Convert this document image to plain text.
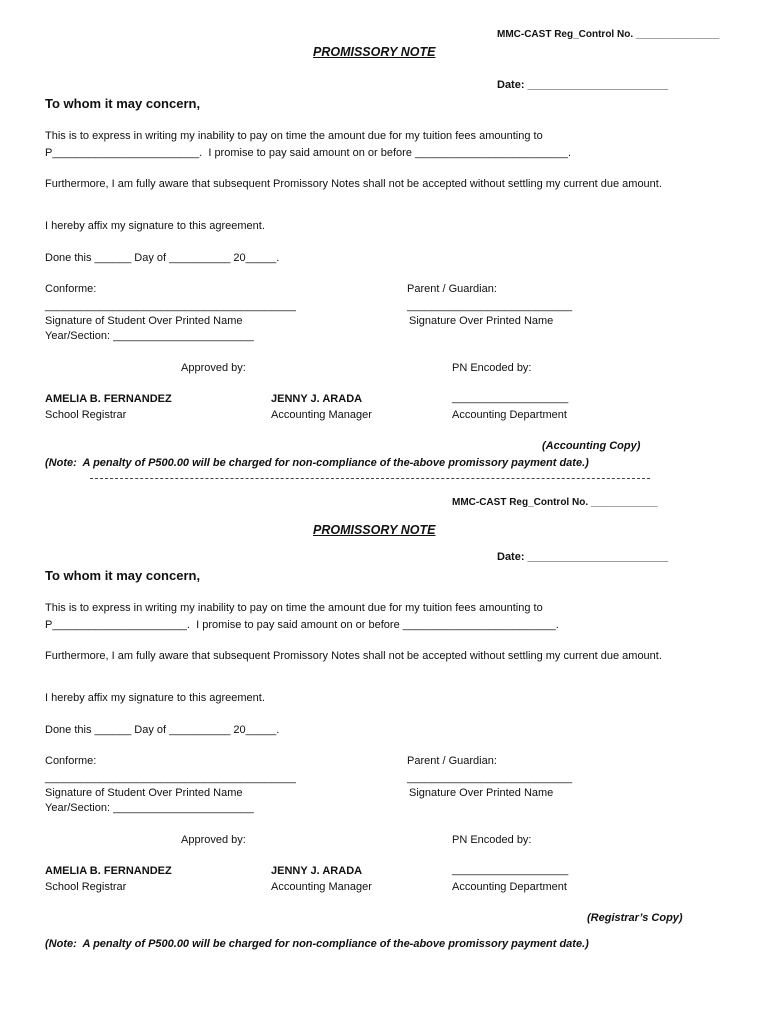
MMC-CAST Reg_Control No. _______________
PROMISSORY NOTE
Date: _______________________
To whom it may concern,
This is to express in writing my inability to pay on time the amount due for my tuition fees amounting to
P________________________.  I promise to pay said amount on or before _________________________.
Furthermore, I am fully aware that subsequent Promissory Notes shall not be accepted without settling my current due amount.
I hereby affix my signature to this agreement.
Done this ______ Day of __________ 20_____.
Conforme:	Parent / Guardian:
_________________________________________	___________________________
Signature of Student Over Printed Name	Signature Over Printed Name
Year/Section: _______________________
Approved by:	PN Encoded by:
AMELIA B. FERNANDEZ	JENNY J. ARADA	___________________
School Registrar	Accounting Manager	Accounting Department
(Accounting Copy)
(Note:  A penalty of P500.00 will be charged for non-compliance of the-above promissory payment date.)
MMC-CAST Reg_Control No. ____________
PROMISSORY NOTE
Date: _______________________
To whom it may concern,
This is to express in writing my inability to pay on time the amount due for my tuition fees amounting to
P______________________.  I promise to pay said amount on or before _________________________.
Furthermore, I am fully aware that subsequent Promissory Notes shall not be accepted without settling my current due amount.
I hereby affix my signature to this agreement.
Done this ______ Day of __________ 20_____.
Conforme:	Parent / Guardian:
_________________________________________	___________________________
Signature of Student Over Printed Name	Signature Over Printed Name
Year/Section: _______________________
Approved by:	PN Encoded by:
AMELIA B. FERNANDEZ	JENNY J. ARADA	___________________
School Registrar	Accounting Manager	Accounting Department
(Registrar’s Copy)
(Note:  A penalty of P500.00 will be charged for non-compliance of the-above promissory payment date.)
